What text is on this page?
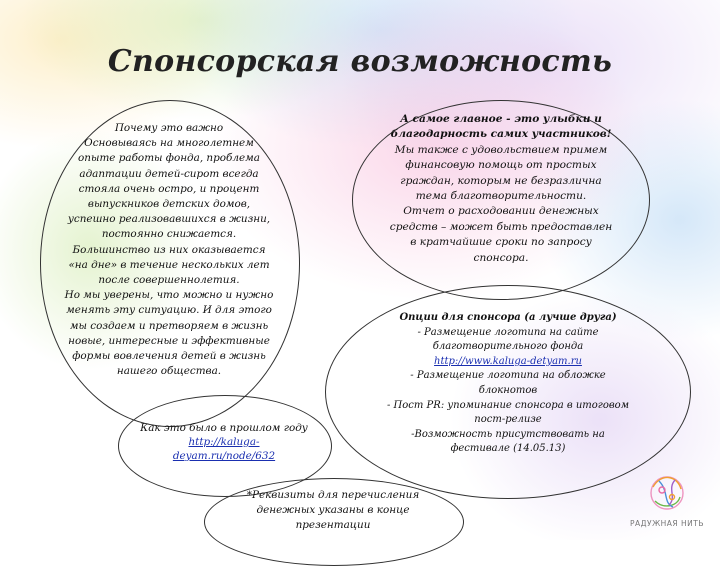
Спонсорская возможность
Почему это важно
Основываясь на многолетнем
опыте работы фонда, проблема
адаптации детей-сирот всегда
стояла очень остро, и процент
выпускников детских домов,
успешно реализовавшихся в жизни,
постоянно снижается.
Большинство из них оказывается
«на дне» в течение нескольких лет
после совершеннолетия.
Но мы уверены, что можно и нужно
менять эту ситуацию. И для этого
мы создаем и претворяем в жизнь
новые, интересные и эффективные
формы вовлечения детей в жизнь
нашего общества.
Как это было в прошлом году
http://kaluga-
deyam.ru/node/632
А самое главное - это улыбки и
благодарность самих участников!
Мы также с удовольствием примем
финансовую помощь от простых
граждан, которым не безразлична
тема благотворительности.
Отчет о расходовании денежных
средств – может быть предоставлен
в кратчайшие сроки по запросу
спонсора.
Опции для спонсора (а лучше друга)
- Размещение логотипа на сайте
благотворительного фонда
http://www.kaluga-detyam.ru
- Размещение логотипа на обложке
блокнотов
- Пост PR: упоминание спонсора в итоговом
пост-релизе
-Возможность присутствовать на
фестивале (14.05.13)
*Реквизиты для перечисления
денежных указаны в конце
презентации	РАДУЖНАЯ НИТЬ
